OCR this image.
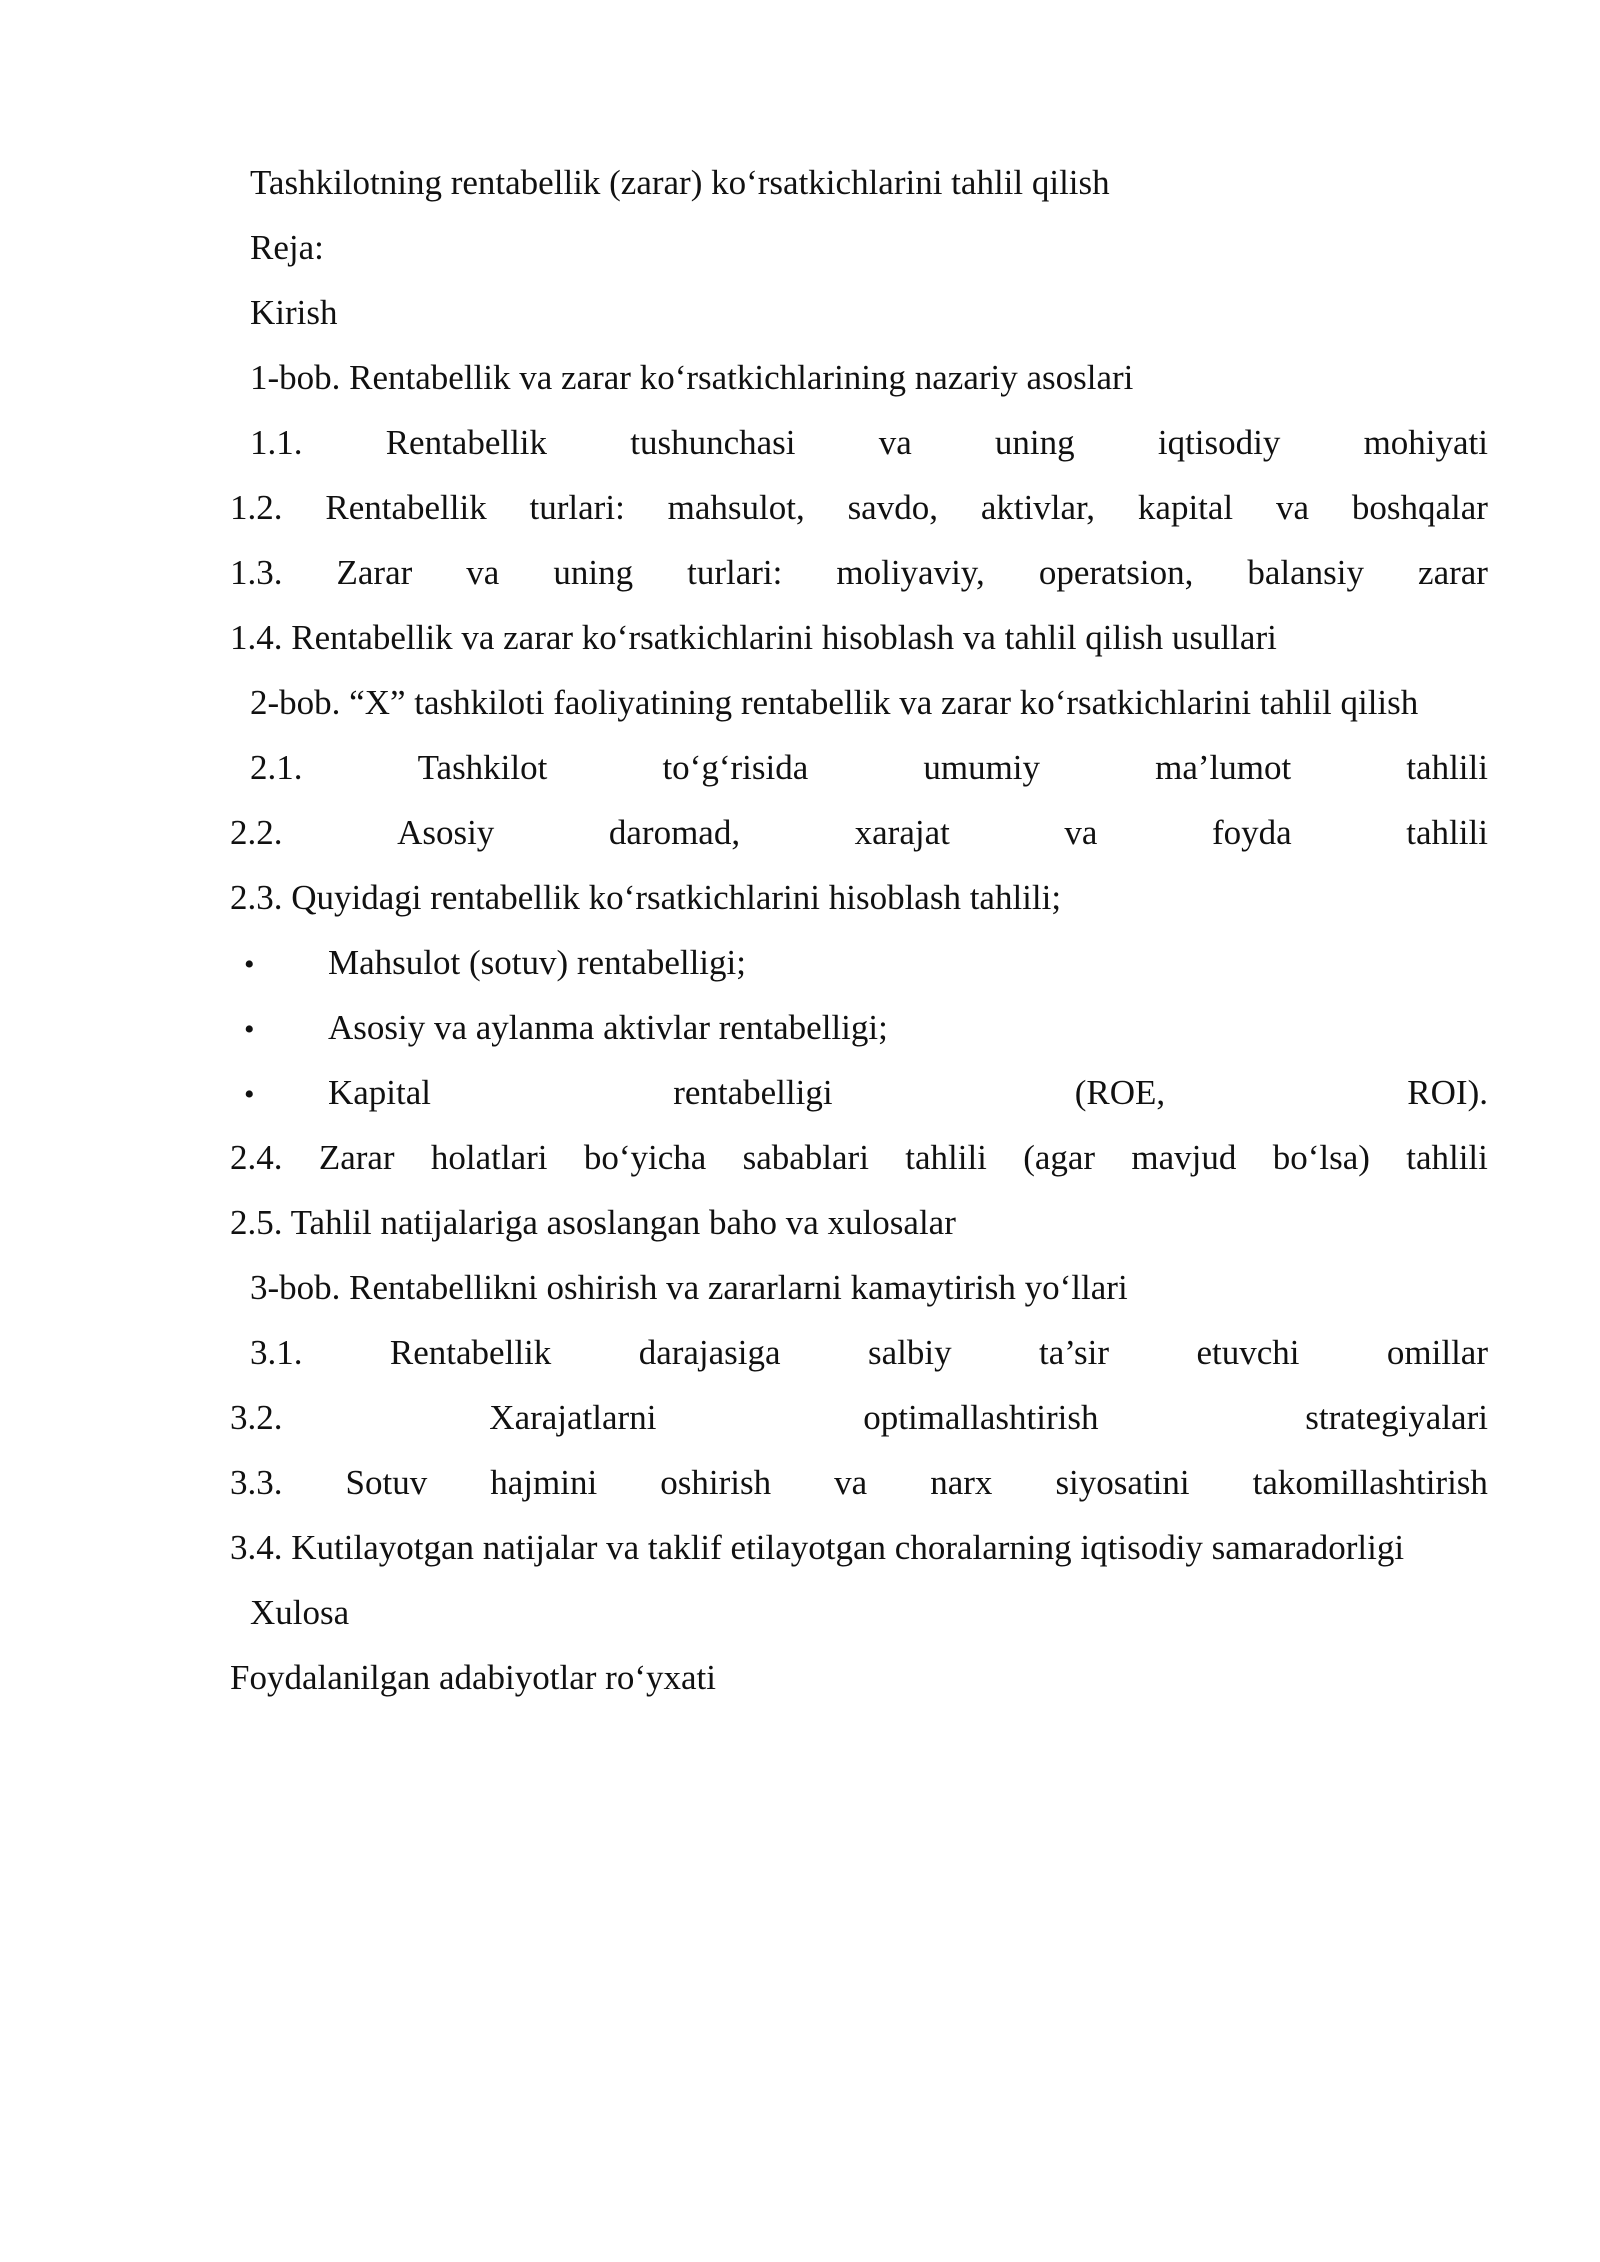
Tashkilotning rentabellik (zarar) ko‘rsatkichlarini tahlil qilish
Reja:
Kirish
1-bob. Rentabellik va zarar ko‘rsatkichlarining nazariy asoslari
1.1. Rentabellik tushunchasi va uning iqtisodiy mohiyati
1.2. Rentabellik turlari: mahsulot, savdo, aktivlar, kapital va boshqalar
1.3. Zarar va uning turlari: moliyaviy, operatsion, balansiy zarar
1.4. Rentabellik va zarar ko‘rsatkichlarini hisoblash va tahlil qilish usullari
2-bob. “X” tashkiloti faoliyatining rentabellik va zarar ko‘rsatkichlarini tahlil qilish
2.1.	Tashkilot	to‘g‘risida	umumiy	ma’lumot	tahlili
2.2.	Asosiy	daromad,	xarajat	va	foyda	tahlili
2.3. Quyidagi rentabellik ko‘rsatkichlarini hisoblash tahlili;
•	Mahsulot (sotuv) rentabelligi;
•	Asosiy va aylanma aktivlar rentabelligi;
•	Kapital	rentabelligi	(ROE,	ROI).
2.4. Zarar holatlari bo‘yicha sabablari tahlili (agar mavjud bo‘lsa) tahlili
2.5. Tahlil natijalariga asoslangan baho va xulosalar
3-bob. Rentabellikni oshirish va zararlarni kamaytirish yo‘llari
3.1. Rentabellik darajasiga salbiy ta’sir etuvchi omillar
3.2.	Xarajatlarni	optimallashtirish	strategiyalari
3.3. Sotuv hajmini oshirish va narx siyosatini takomillashtirish
3.4. Kutilayotgan natijalar va taklif etilayotgan choralarning iqtisodiy samaradorligi
Xulosa
Foydalanilgan adabiyotlar ro‘yxati
